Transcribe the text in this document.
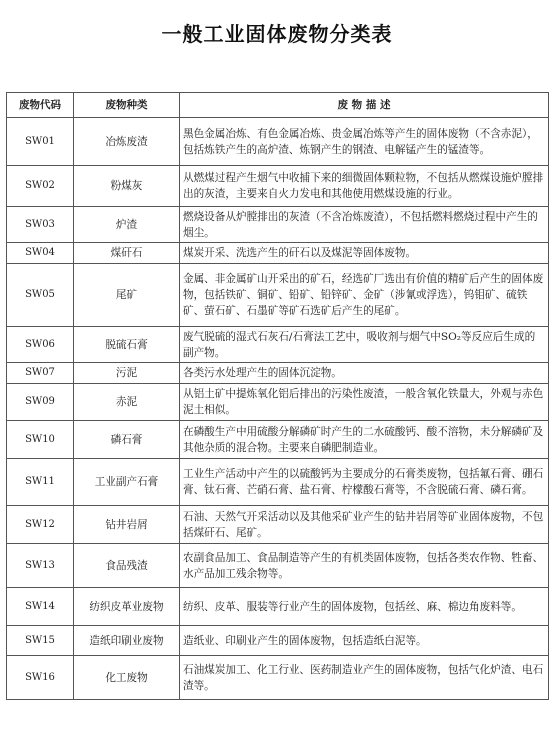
一般工业固体废物分类表
废物代码	废物种类	废 物 描 述
SW01	冶炼废渣	黑色金属冶炼、有色金属冶炼、贵金属冶炼等产生的固体废物（不含赤泥），包括炼铁产生的高炉渣、炼钢产生的钢渣、电解锰产生的锰渣等。
SW02	粉煤灰	从燃煤过程产生烟气中收捕下来的细微固体颗粒物，不包括从燃煤设施炉膛排出的灰渣，主要来自火力发电和其他使用燃煤设施的行业。
SW03	炉渣	燃烧设备从炉膛排出的灰渣（不含冶炼废渣），不包括燃料燃烧过程中产生的烟尘。
SW04	煤矸石	煤炭开采、洗选产生的矸石以及煤泥等固体废物。
SW05	尾矿	金属、非金属矿山开采出的矿石，经选矿厂选出有价值的精矿后产生的固体废物，包括铁矿、铜矿、铅矿、铅锌矿、金矿（涉氰或浮选），钨钼矿、硫铁矿、萤石矿、石墨矿等矿石选矿后产生的尾矿。
SW06	脱硫石膏	废气脱硫的湿式石灰石/石膏法工艺中，吸收剂与烟气中SO₂等反应后生成的副产物。
SW07	污泥	各类污水处理产生的固体沉淀物。
SW09	赤泥	从铝土矿中提炼氧化铝后排出的污染性废渣，一般含氧化铁量大，外观与赤色泥土相似。
SW10	磷石膏	在磷酸生产中用硫酸分解磷矿时产生的二水硫酸钙、酸不溶物，未分解磷矿及其他杂质的混合物。主要来自磷肥制造业。
SW11	工业副产石膏	工业生产活动中产生的以硫酸钙为主要成分的石膏类废物，包括氟石膏、硼石膏、钛石膏、芒硝石膏、盐石膏、柠檬酸石膏等，不含脱硫石膏、磷石膏。
SW12	钻井岩屑	石油、天然气开采活动以及其他采矿业产生的钻井岩屑等矿业固体废物，不包括煤矸石、尾矿。
SW13	食品残渣	农副食品加工、食品制造等产生的有机类固体废物，包括各类农作物、牲畜、水产品加工残余物等。
SW14	纺织皮革业废物	纺织、皮革、服装等行业产生的固体废物，包括丝、麻、棉边角废料等。
SW15	造纸印刷业废物	造纸业、印刷业产生的固体废物，包括造纸白泥等。
SW16	化工废物	石油煤炭加工、化工行业、医药制造业产生的固体废物，包括气化炉渣、电石渣等。
